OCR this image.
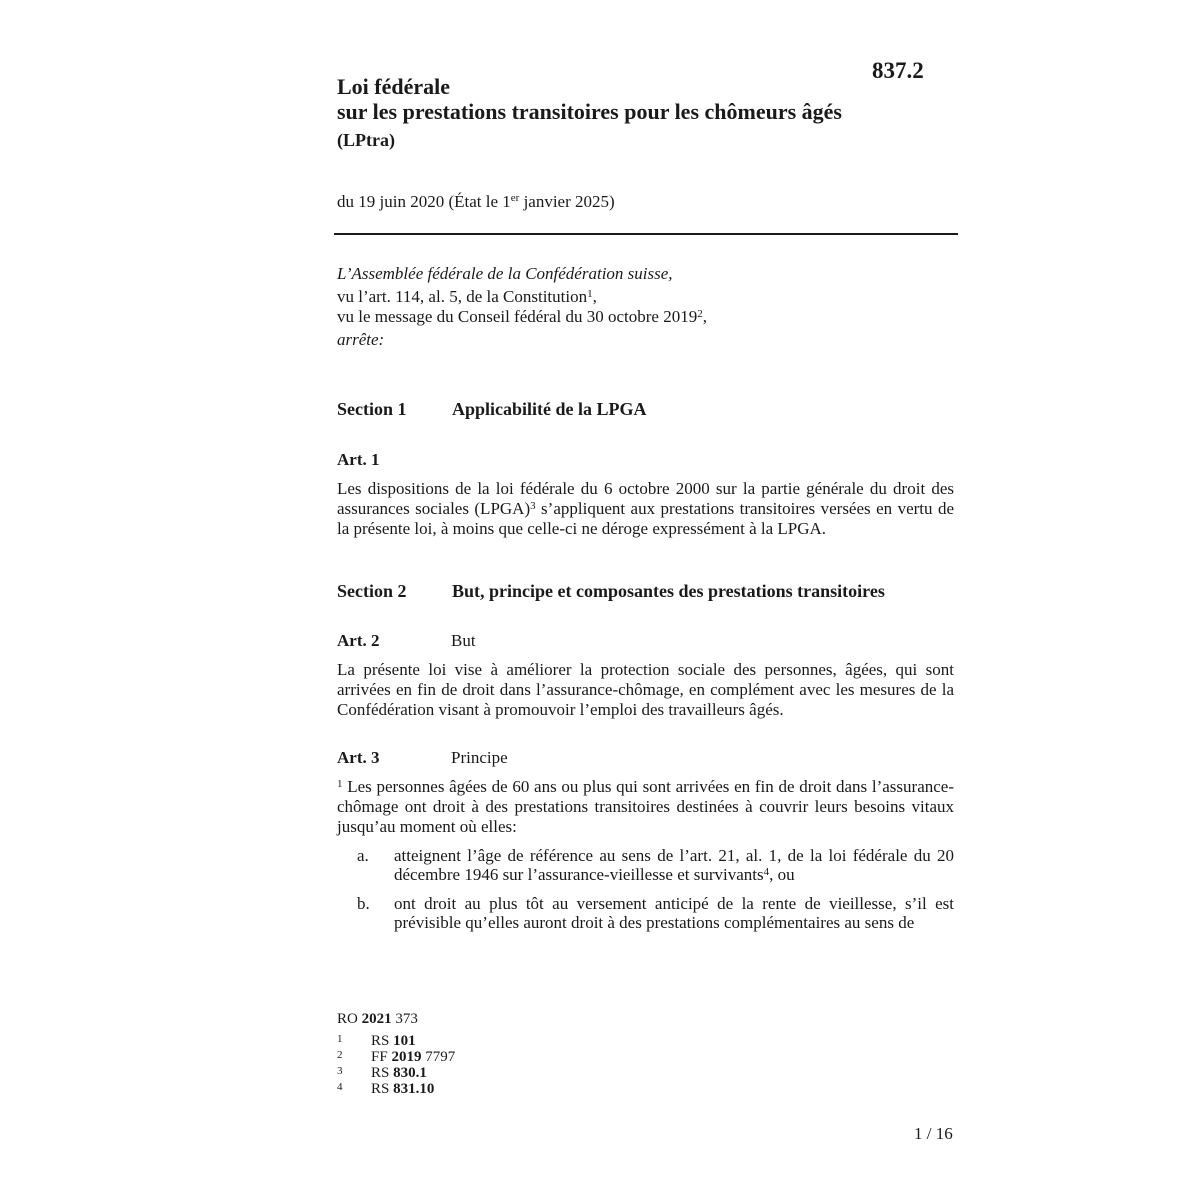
837.2
Loi fédérale
sur les prestations transitoires pour les chômeurs âgés
(LPtra)
du 19 juin 2020 (État le 1er janvier 2025)
L’Assemblée fédérale de la Confédération suisse,
vu l’art. 114, al. 5, de la Constitution$^1$,
vu le message du Conseil fédéral du 30 octobre 2019$^2$,
arrête:
Section 1	Applicabilité de la LPGA
Art. 1
Les dispositions de la loi fédérale du 6 octobre 2000 sur la partie générale du droit des assurances sociales (LPGA)$^3$ s’appliquent aux prestations transitoires versées en vertu de la présente loi, à moins que celle-ci ne déroge expressément à la LPGA.
Section 2	But, principe et composantes des prestations transitoires
Art. 2	But
La présente loi vise à améliorer la protection sociale des personnes, âgées, qui sont arrivées en fin de droit dans l’assurance-chômage, en complément avec les mesures de la Confédération visant à promouvoir l’emploi des travailleurs âgés.
Art. 3	Principe
$^1$ Les personnes âgées de 60 ans ou plus qui sont arrivées en fin de droit dans l’assurance-chômage ont droit à des prestations transitoires destinées à couvrir leurs besoins vitaux jusqu’au moment où elles:
a. atteignent l’âge de référence au sens de l’art. 21, al. 1, de la loi fédérale du 20 décembre 1946 sur l’assurance-vieillesse et survivants$^4$, ou
b. ont droit au plus tôt au versement anticipé de la rente de vieillesse, s’il est prévisible qu’elles auront droit à des prestations complémentaires au sens de
RO 2021 373
1 RS 101
2 FF 2019 7797
3 RS 830.1
4 RS 831.10
1 / 16
